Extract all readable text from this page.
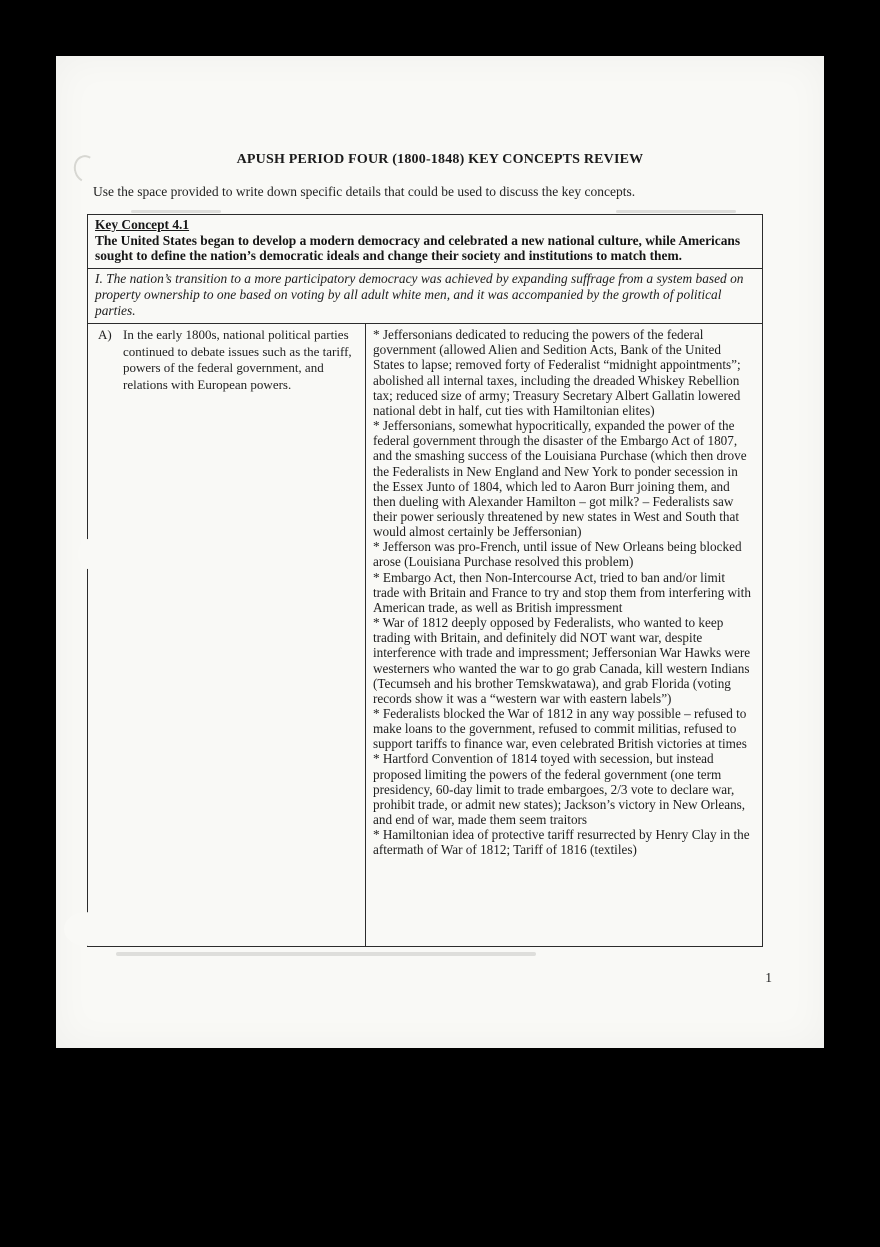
APUSH PERIOD FOUR (1800-1848) KEY CONCEPTS REVIEW
Use the space provided to write down specific details that could be used to discuss the key concepts.
Key Concept 4.1
The United States began to develop a modern democracy and celebrated a new national culture, while Americans sought to define the nation’s democratic ideals and change their society and institutions to match them.
I. The nation’s transition to a more participatory democracy was achieved by expanding suffrage from a system based on property ownership to one based on voting by all adult white men, and it was accompanied by the growth of political parties.
A) In the early 1800s, national political parties continued to debate issues such as the tariff, powers of the federal government, and relations with European powers.

* Jeffersonians dedicated to reducing the powers of the federal government (allowed Alien and Sedition Acts, Bank of the United States to lapse; removed forty of Federalist “midnight appointments”; abolished all internal taxes, including the dreaded Whiskey Rebellion tax; reduced size of army; Treasury Secretary Albert Gallatin lowered national debt in half, cut ties with Hamiltonian elites)

* Jeffersonians, somewhat hypocritically, expanded the power of the federal government through the disaster of the Embargo Act of 1807, and the smashing success of the Louisiana Purchase (which then drove the Federalists in New England and New York to ponder secession in the Essex Junto of 1804, which led to Aaron Burr joining them, and then dueling with Alexander Hamilton – got milk? – Federalists saw their power seriously threatened by new states in West and South that would almost certainly be Jeffersonian)

* Jefferson was pro-French, until issue of New Orleans being blocked arose (Louisiana Purchase resolved this problem)

* Embargo Act, then Non-Intercourse Act, tried to ban and/or limit trade with Britain and France to try and stop them from interfering with American trade, as well as British impressment

* War of 1812 deeply opposed by Federalists, who wanted to keep trading with Britain, and definitely did NOT want war, despite interference with trade and impressment; Jeffersonian War Hawks were westerners who wanted the war to go grab Canada, kill western Indians (Tecumseh and his brother Temskwatawa), and grab Florida (voting records show it was a “western war with eastern labels”)

* Federalists blocked the War of 1812 in any way possible – refused to make loans to the government, refused to commit militias, refused to support tariffs to finance war, even celebrated British victories at times

* Hartford Convention of 1814 toyed with secession, but instead proposed limiting the powers of the federal government (one term presidency, 60-day limit to trade embargoes, 2/3 vote to declare war, prohibit trade, or admit new states); Jackson’s victory in New Orleans, and end of war, made them seem traitors

* Hamiltonian idea of protective tariff resurrected by Henry Clay in the aftermath of War of 1812; Tariff of 1816 (textiles)

1
